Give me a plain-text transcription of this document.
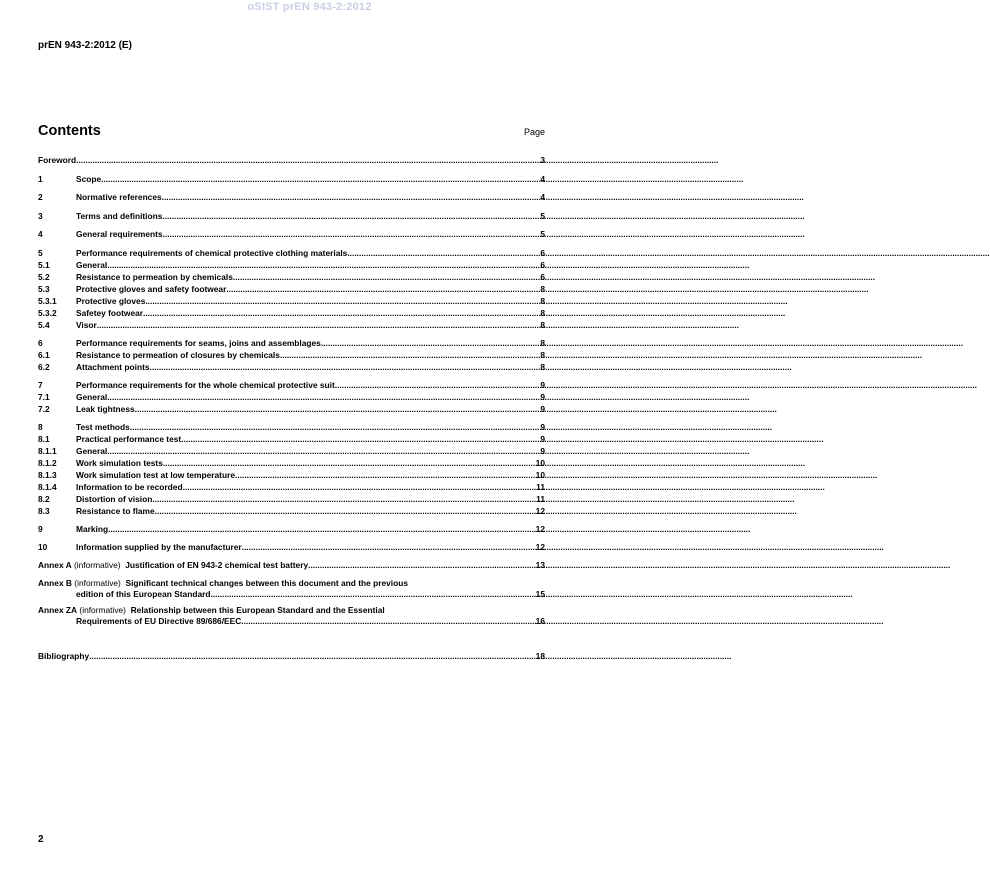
oSIST prEN 943-2:2012
prEN 943-2:2012 (E)
Contents	Page
Foreword .....	3
1	Scope .....	4
2	Normative references .....	4
3	Terms and definitions .....	5
4	General requirements .....	5
5	Performance requirements of chemical protective clothing materials .....	6
5.1	General .....	6
5.2	Resistance to permeation by chemicals .....	6
5.3	Protective gloves and safety footwear .....	8
5.3.1	Protective gloves .....	8
5.3.2	Safetey footwear .....	8
5.4	Visor .....	8
6	Performance requirements for seams, joins and assemblages .....	8
6.1	Resistance to permeation of closures by chemicals .....	8
6.2	Attachment points .....	8
7	Performance requirements for the whole chemical protective suit .....	9
7.1	General .....	9
7.2	Leak tightness .....	9
8	Test methods .....	9
8.1	Practical performance test .....	9
8.1.1	General .....	9
8.1.2	Work simulation tests .....	10
8.1.3	Work simulation test at low temperature .....	10
8.1.4	Information to be recorded .....	11
8.2	Distortion of vision .....	11
8.3	Resistance to flame .....	12
9	Marking .....	12
10	Information supplied by the manufacturer .....	12
Annex A (informative) Justification of EN 943-2 chemical test battery .....	13
Annex B (informative) Significant technical changes between this document and the previous
edition of this European Standard .....	15
Annex ZA (informative) Relationship between this European Standard and the Essential
Requirements of EU Directive 89/686/EEC .....	16
Bibliography .....	18
2
